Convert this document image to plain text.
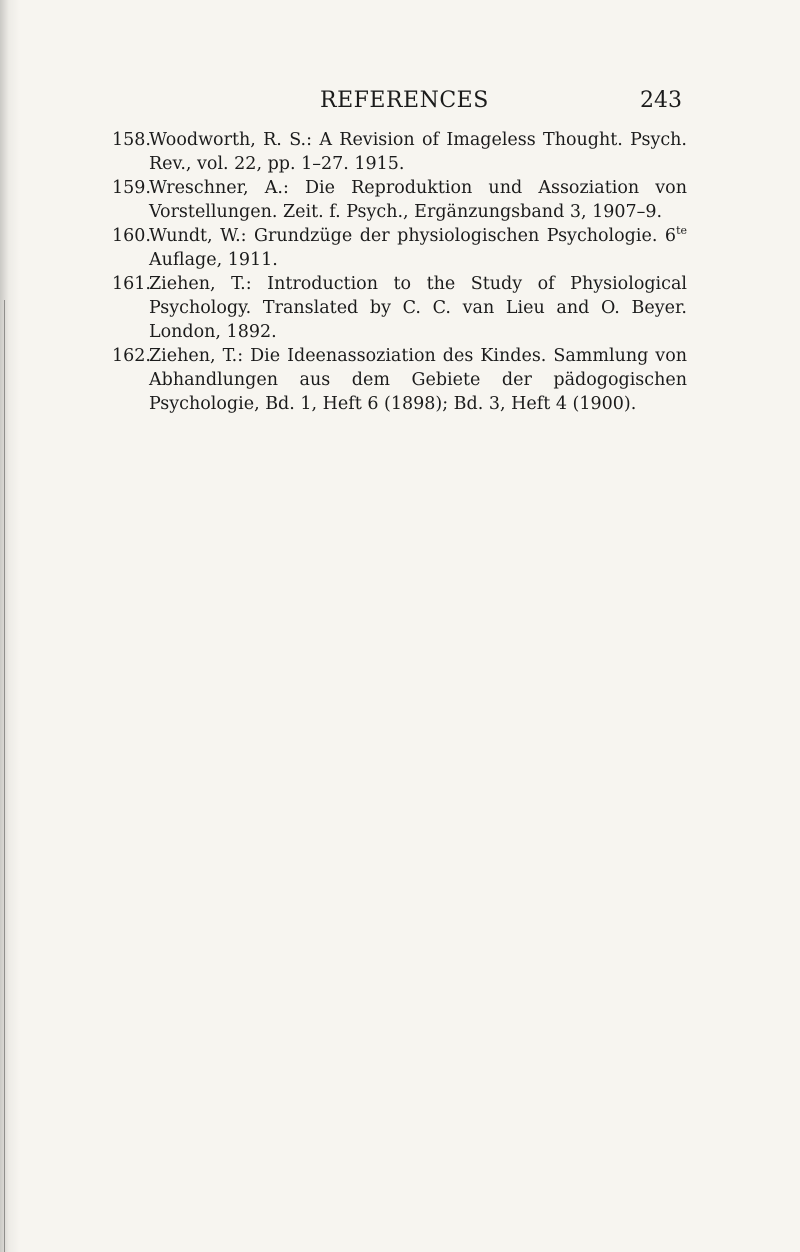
REFERENCES	243
158.
Woodworth, R. S.: A Revision of Imageless Thought. Psych. Rev., vol. 22, pp. 1–27. 1915.
159.
Wreschner, A.: Die Reproduktion und Assoziation von Vorstellungen. Zeit. f. Psych., Ergänzungsband 3, 1907–9.
160.
Wundt, W.: Grundzüge der physiologischen Psychologie. $6^{te}$ Auflage, 1911.
161.
Ziehen, T.: Introduction to the Study of Physiological Psychology. Translated by C. C. van Lieu and O. Beyer. London, 1892.
162.
Ziehen, T.: Die Ideenassoziation des Kindes. Sammlung von Abhandlungen aus dem Gebiete der pädogogischen Psychologie, Bd. 1, Heft 6 (1898); Bd. 3, Heft 4 (1900).
